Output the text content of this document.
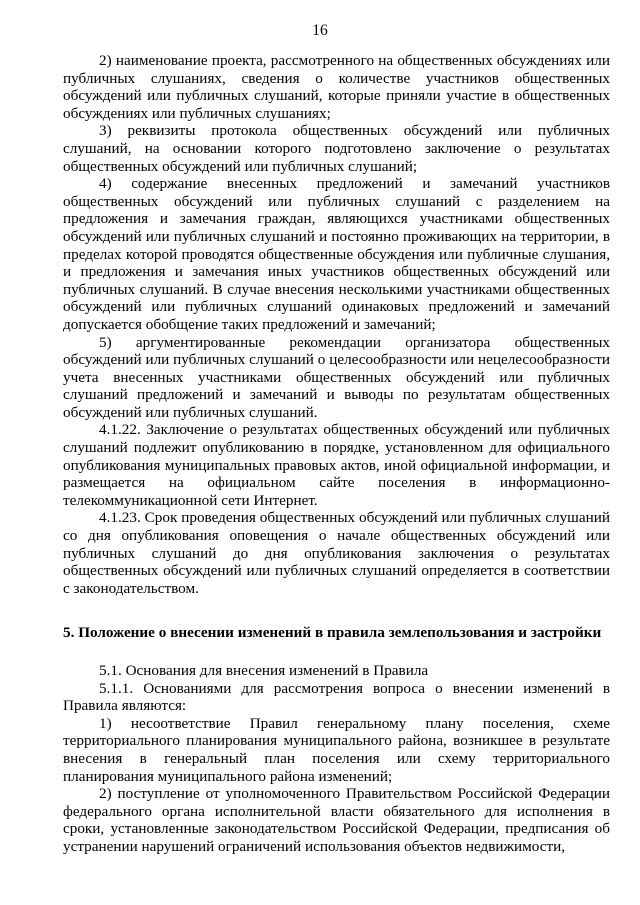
16

2) наименование проекта, рассмотренного на общественных обсуждениях или публичных слушаниях, сведения о количестве участников общественных обсуждений или публичных слушаний, которые приняли участие в общественных обсуждениях или публичных слушаниях;

3) реквизиты протокола общественных обсуждений или публичных слушаний, на основании которого подготовлено заключение о результатах общественных обсуждений или публичных слушаний;

4) содержание внесенных предложений и замечаний участников общественных обсуждений или публичных слушаний с разделением на предложения и замечания граждан, являющихся участниками общественных обсуждений или публичных слушаний и постоянно проживающих на территории, в пределах которой проводятся общественные обсуждения или публичные слушания, и предложения и замечания иных участников общественных обсуждений или публичных слушаний. В случае внесения несколькими участниками общественных обсуждений или публичных слушаний одинаковых предложений и замечаний допускается обобщение таких предложений и замечаний;

5) аргументированные рекомендации организатора общественных обсуждений или публичных слушаний о целесообразности или нецелесообразности учета внесенных участниками общественных обсуждений или публичных слушаний предложений и замечаний и выводы по результатам общественных обсуждений или публичных слушаний.

4.1.22. Заключение о результатах общественных обсуждений или публичных слушаний подлежит опубликованию в порядке, установленном для официального опубликования муниципальных правовых актов, иной официальной информации, и размещается на официальном сайте поселения в информационно-телекоммуникационной сети Интернет.

4.1.23. Срок проведения общественных обсуждений или публичных слушаний со дня опубликования оповещения о начале общественных обсуждений или публичных слушаний до дня опубликования заключения о результатах общественных обсуждений или публичных слушаний определяется в соответствии с законодательством.

5. Положение о внесении изменений в правила землепользования и застройки

5.1. Основания для внесения изменений в Правила

5.1.1. Основаниями для рассмотрения вопроса о внесении изменений в Правила являются:

1) несоответствие Правил генеральному плану поселения, схеме территориального планирования муниципального района, возникшее в результате внесения в генеральный план поселения или схему территориального планирования муниципального района изменений;

2) поступление от уполномоченного Правительством Российской Федерации федерального органа исполнительной власти обязательного для исполнения в сроки, установленные законодательством Российской Федерации, предписания об устранении нарушений ограничений использования объектов недвижимости,
